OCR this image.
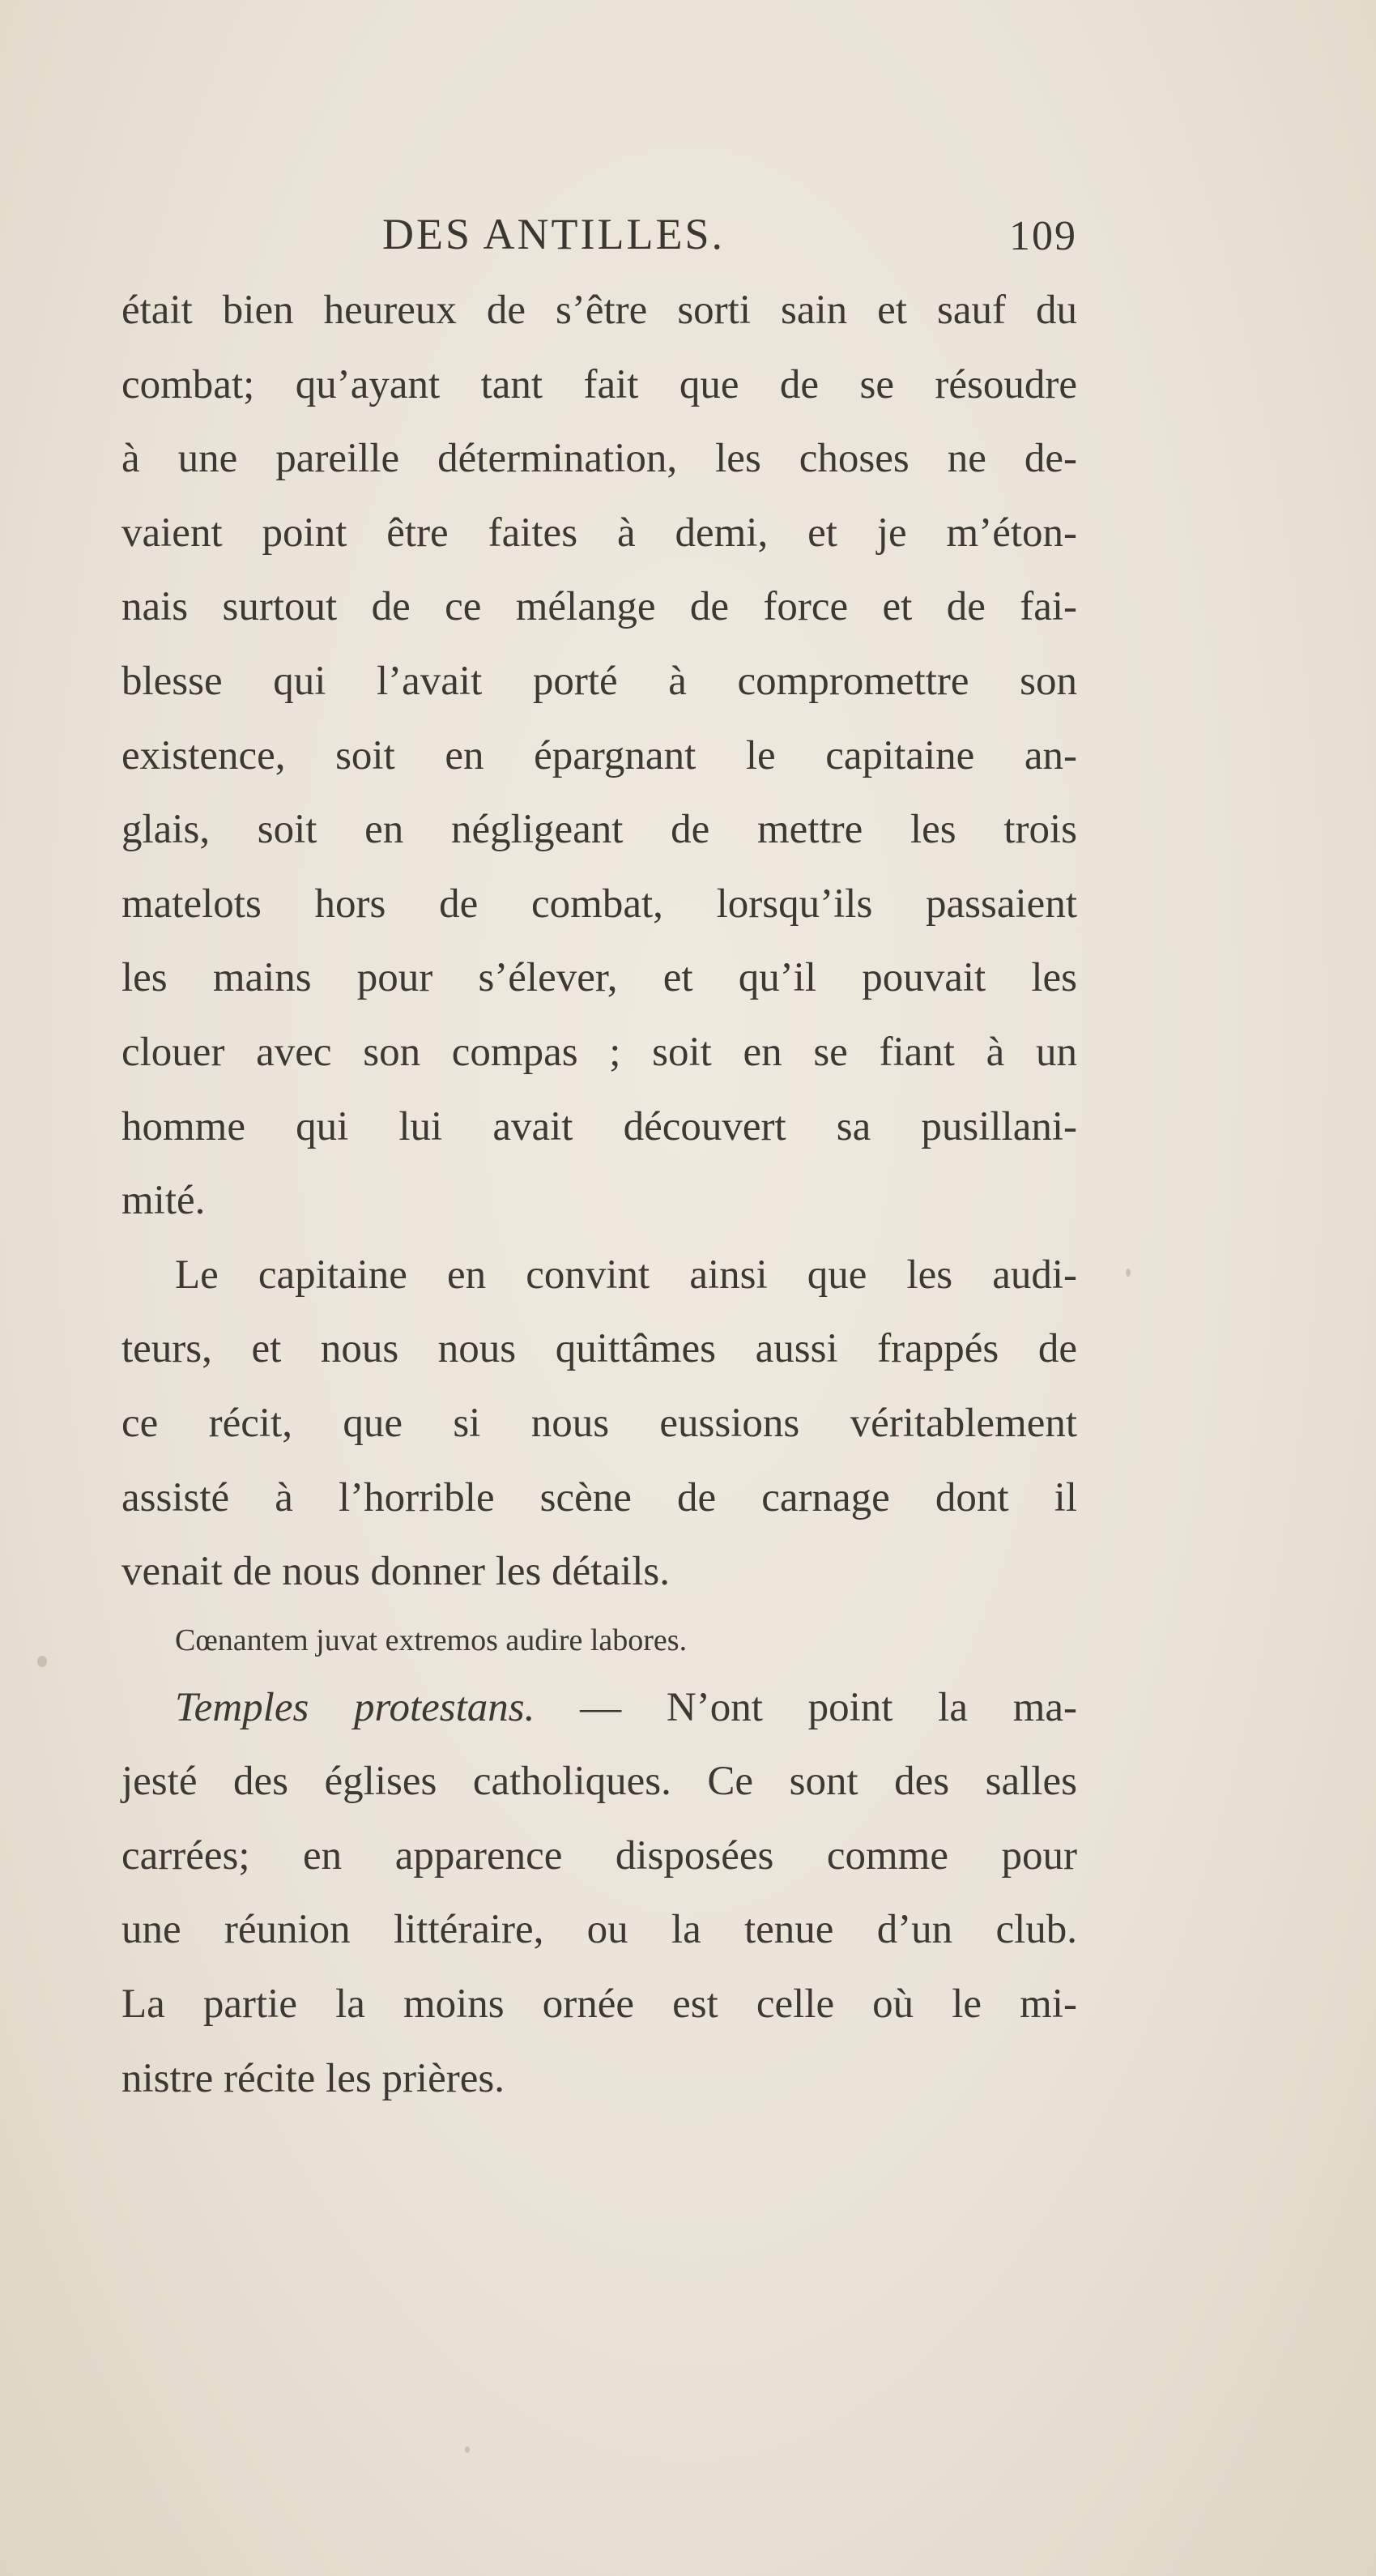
DES ANTILLES.	109
était bien heureux de s’être sorti sain et sauf du
combat; qu’ayant tant fait que de se résoudre
à une pareille détermination, les choses ne de-
vaient point être faites à demi, et je m’éton-
nais surtout de ce mélange de force et de fai-
blesse qui l’avait porté à compromettre son
existence, soit en épargnant le capitaine an-
glais, soit en négligeant de mettre les trois
matelots hors de combat, lorsqu’ils passaient
les mains pour s’élever, et qu’il pouvait les
clouer avec son compas ; soit en se fiant à un
homme qui lui avait découvert sa pusillani-
mité.
Le capitaine en convint ainsi que les audi-
teurs, et nous nous quittâmes aussi frappés de
ce récit, que si nous eussions véritablement
assisté à l’horrible scène de carnage dont il
venait de nous donner les détails.
Cœnantem juvat extremos audire labores.
Temples protestans. — N’ont point la ma-
jesté des églises catholiques. Ce sont des salles
carrées; en apparence disposées comme pour
une réunion littéraire, ou la tenue d’un club.
La partie la moins ornée est celle où le mi-
nistre récite les prières.
